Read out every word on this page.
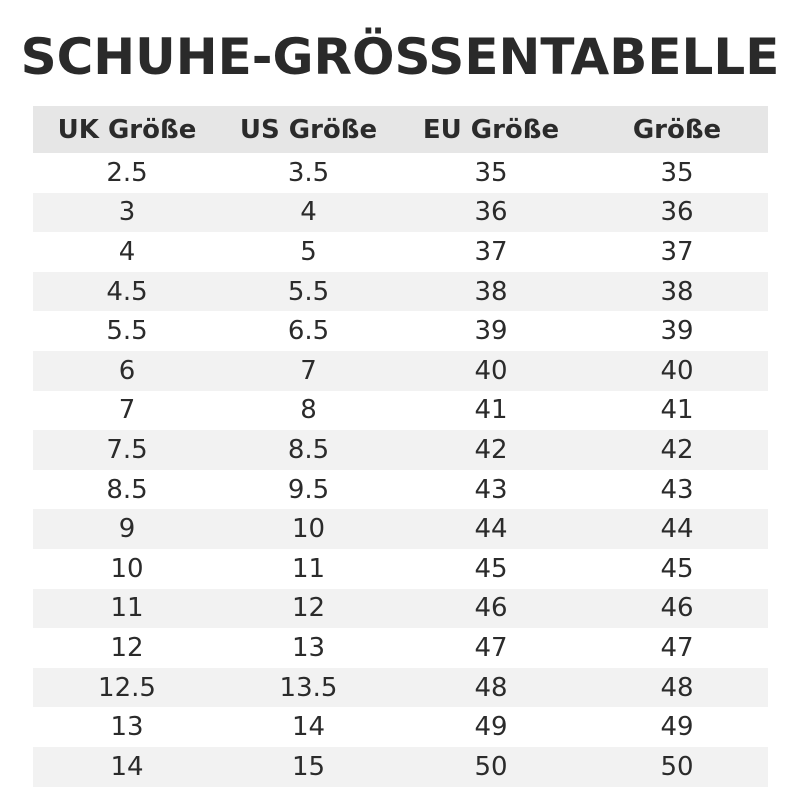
SCHUHE-GRÖSSENTABELLE
UK Größe	US Größe	EU Größe	Größe
2.5	3.5	35	35
3	4	36	36
4	5	37	37
4.5	5.5	38	38
5.5	6.5	39	39
6	7	40	40
7	8	41	41
7.5	8.5	42	42
8.5	9.5	43	43
9	10	44	44
10	11	45	45
11	12	46	46
12	13	47	47
12.5	13.5	48	48
13	14	49	49
14	15	50	50
